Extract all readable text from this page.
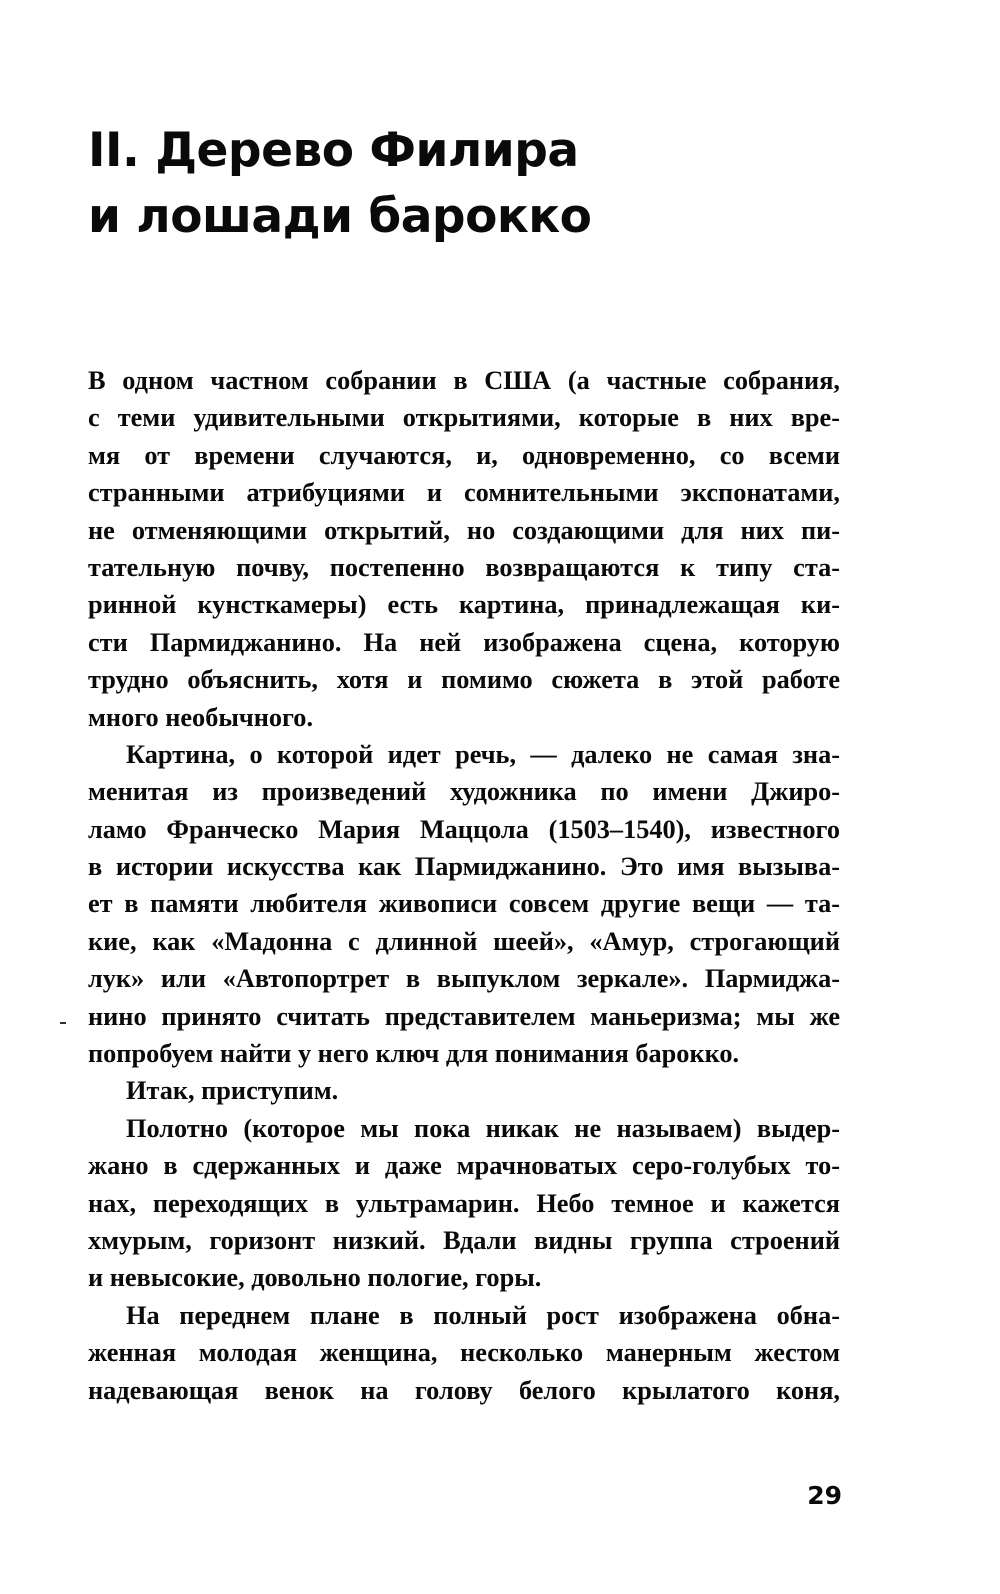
II. Дерево Филира
и лошади барокко
В одном частном собрании в США (а частные собрания,
с теми удивительными открытиями, которые в них вре-
мя от времени случаются, и, одновременно, со всеми
странными атрибуциями и сомнительными экспонатами,
не отменяющими открытий, но создающими для них пи-
тательную почву, постепенно возвращаются к типу ста-
ринной кунсткамеры) есть картина, принадлежащая ки-
сти Пармиджанино. На ней изображена сцена, которую
трудно объяснить, хотя и помимо сюжета в этой работе
много необычного.
Картина, о которой идет речь, — далеко не самая зна-
менитая из произведений художника по имени Джиро-
ламо Франческо Мария Маццола (1503–1540), известного
в истории искусства как Пармиджанино. Это имя вызыва-
ет в памяти любителя живописи совсем другие вещи — та-
кие, как «Мадонна с длинной шеей», «Амур, строгающий
лук» или «Автопортрет в выпуклом зеркале». Пармиджа-
нино принято считать представителем маньеризма; мы же
попробуем найти у него ключ для понимания барокко.
Итак, приступим.
Полотно (которое мы пока никак не называем) выдер-
жано в сдержанных и даже мрачноватых серо-голубых то-
нах, переходящих в ультрамарин. Небо темное и кажется
хмурым, горизонт низкий. Вдали видны группа строений
и невысокие, довольно пологие, горы.
На переднем плане в полный рост изображена обна-
женная молодая женщина, несколько манерным жестом
надевающая венок на голову белого крылатого коня,
29
